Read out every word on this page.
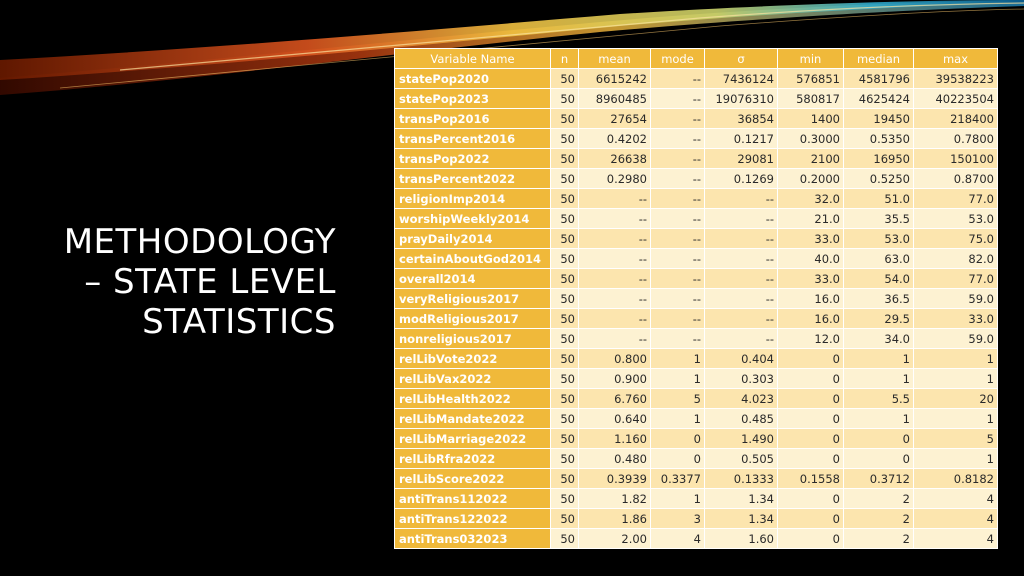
METHODOLOGY
– STATE LEVEL
STATISTICS
Variable Name	n	mean	mode	σ	min	median	max
statePop2020	50	6615242	--	7436124	576851	4581796	39538223
statePop2023	50	8960485	--	19076310	580817	4625424	40223504
transPop2016	50	27654	--	36854	1400	19450	218400
transPercent2016	50	0.4202	--	0.1217	0.3000	0.5350	0.7800
transPop2022	50	26638	--	29081	2100	16950	150100
transPercent2022	50	0.2980	--	0.1269	0.2000	0.5250	0.8700
religionImp2014	50	--	--	--	32.0	51.0	77.0
worshipWeekly2014	50	--	--	--	21.0	35.5	53.0
prayDaily2014	50	--	--	--	33.0	53.0	75.0
certainAboutGod2014	50	--	--	--	40.0	63.0	82.0
overall2014	50	--	--	--	33.0	54.0	77.0
veryReligious2017	50	--	--	--	16.0	36.5	59.0
modReligious2017	50	--	--	--	16.0	29.5	33.0
nonreligious2017	50	--	--	--	12.0	34.0	59.0
relLibVote2022	50	0.800	1	0.404	0	1	1
relLibVax2022	50	0.900	1	0.303	0	1	1
relLibHealth2022	50	6.760	5	4.023	0	5.5	20
relLibMandate2022	50	0.640	1	0.485	0	1	1
relLibMarriage2022	50	1.160	0	1.490	0	0	5
relLibRfra2022	50	0.480	0	0.505	0	0	1
relLibScore2022	50	0.3939	0.3377	0.1333	0.1558	0.3712	0.8182
antiTrans112022	50	1.82	1	1.34	0	2	4
antiTrans122022	50	1.86	3	1.34	0	2	4
antiTrans032023	50	2.00	4	1.60	0	2	4
